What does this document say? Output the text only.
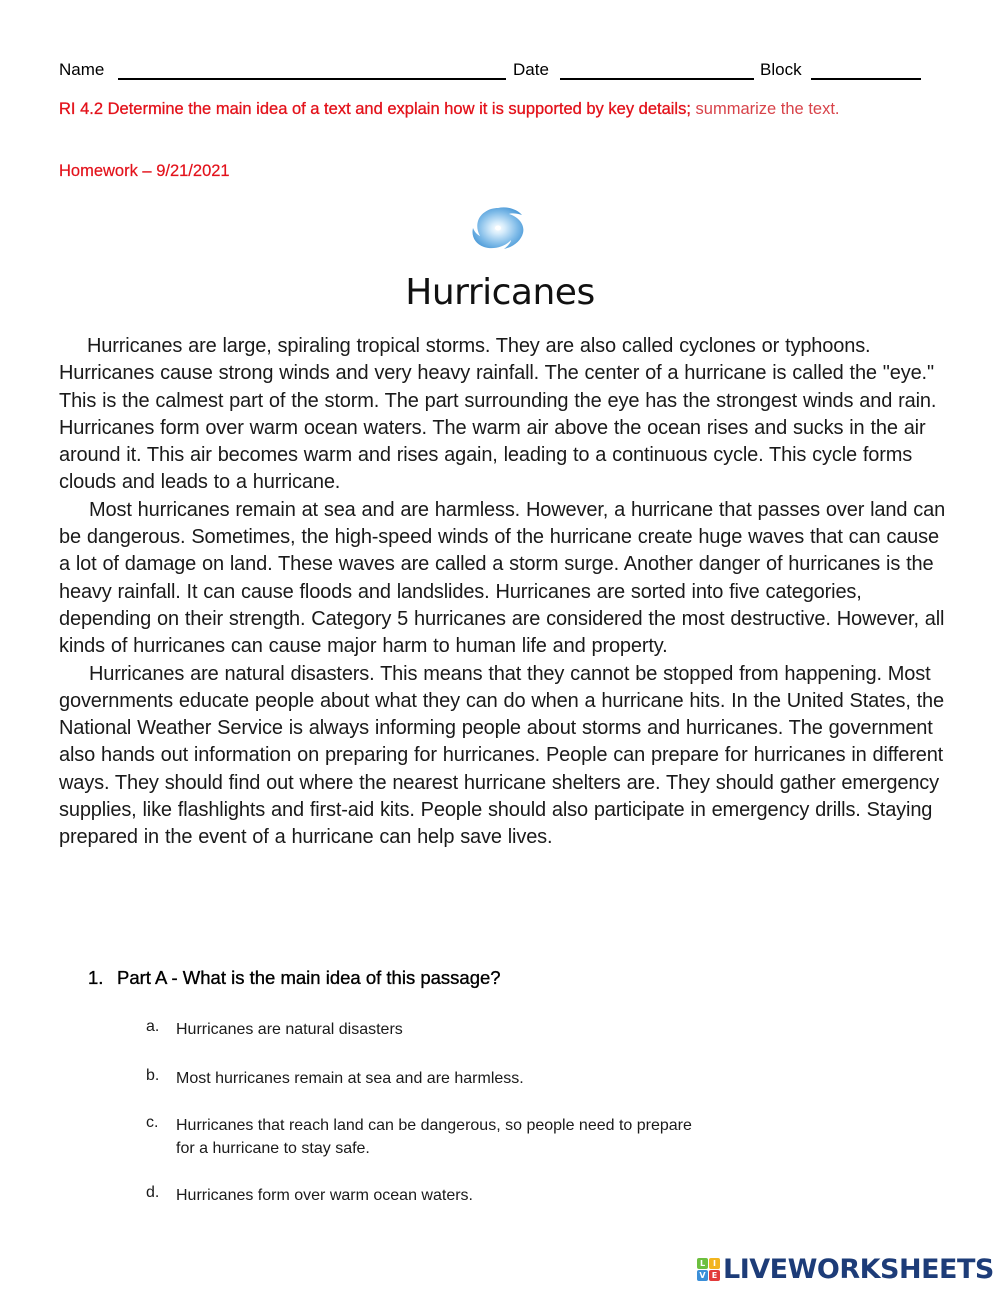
Name	Date	Block
RI 4.2 Determine the main idea of a text and explain how it is supported by key details; summarize the text.
Homework – 9/21/2021
Hurricanes

Hurricanes are large, spiraling tropical storms. They are also called cyclones or typhoons. Hurricanes cause strong winds and very heavy rainfall. The center of a hurricane is called the "eye." This is the calmest part of the storm. The part surrounding the eye has the strongest winds and rain. Hurricanes form over warm ocean waters. The warm air above the ocean rises and sucks in the air around it. This air becomes warm and rises again, leading to a continuous cycle. This cycle forms clouds and leads to a hurricane.

Most hurricanes remain at sea and are harmless. However, a hurricane that passes over land can be dangerous. Sometimes, the high-speed winds of the hurricane create huge waves that can cause a lot of damage on land. These waves are called a storm surge. Another danger of hurricanes is the heavy rainfall. It can cause floods and landslides. Hurricanes are sorted into five categories, depending on their strength. Category 5 hurricanes are considered the most destructive. However, all kinds of hurricanes can cause major harm to human life and property.

Hurricanes are natural disasters. This means that they cannot be stopped from happening. Most governments educate people about what they can do when a hurricane hits. In the United States, the National Weather Service is always informing people about storms and hurricanes. The government also hands out information on preparing for hurricanes. People can prepare for hurricanes in different ways. They should find out where the nearest hurricane shelters are. They should gather emergency supplies, like flashlights and first-aid kits. People should also participate in emergency drills. Staying prepared in the event of a hurricane can help save lives.

1. Part A - What is the main idea of this passage?
a.	Hurricanes are natural disasters
b.	Most hurricanes remain at sea and are harmless.
c.	Hurricanes that reach land can be dangerous, so people need to prepare for a hurricane to stay safe.
d.	Hurricanes form over warm ocean waters.
L I
V E LIVEWORKSHEETS
